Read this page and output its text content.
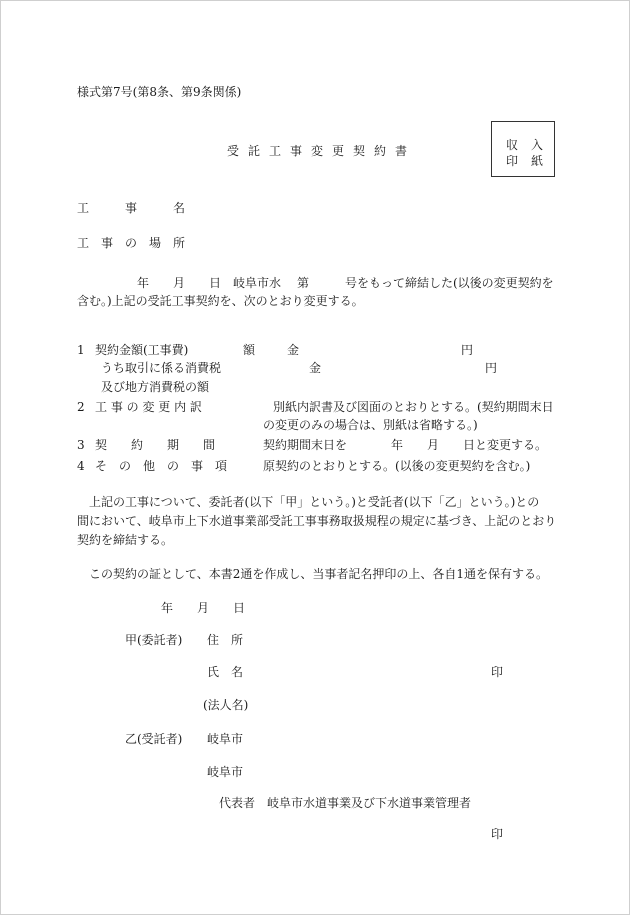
様式第7号(第8条、第9条関係)
受託工事変更契約書	収入
印紙
工	事	名
工 事 の 場 所
年 月 日 岐阜市水 第	号をもって締結した(以後の変更契約を
含む。)上記の受託工事契約を、次のとおり変更する。
1 契約金額(工事費)	額	金	円
うち取引に係る消費税	金	円
及び地方消費税の額
2 工 事 の 変 更 内 訳	別紙内訳書及び図面のとおりとする。(契約期間末日
の変更のみの場合は、別紙は省略する。)
3 契　　約　　期　　間	契約期間末日を	年 月 日と変更する。
4 そ　の　他　の　事　項	原契約のとおりとする。(以後の変更契約を含む。)
上記の工事について、委託者(以下「甲」という。)と受託者(以下「乙」という。)との
間において、岐阜市上下水道事業部受託工事事務取扱規程の規定に基づき、上記のとおり
契約を締結する。
この契約の証として、本書2通を作成し、当事者記名押印の上、各自1通を保有する。
年 月 日
甲(委託者) 住　所
氏　名	印
(法人名)
乙(受託者) 岐阜市
岐阜市
代表者 岐阜市水道事業及び下水道事業管理者
印
